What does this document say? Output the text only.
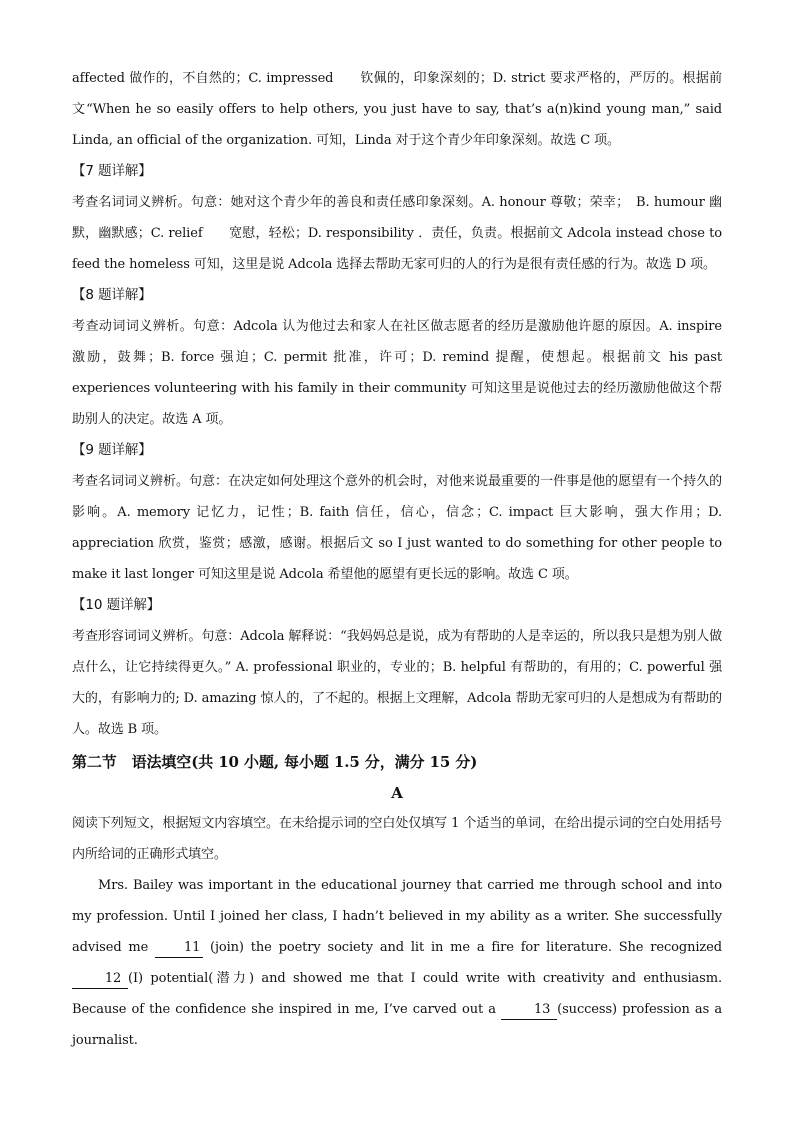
affected 做作的，不自然的；C. impressed　　钦佩的，印象深刻的；D. strict 要求严格的，严厉的。根据前文“When he so easily offers to help others, you just have to say, that’s a(n)kind young man,” said Linda, an official of the organization. 可知，Linda 对于这个青少年印象深刻。故选 C 项。

【7 题详解】

考查名词词义辨析。句意：她对这个青少年的善良和责任感印象深刻。A. honour 尊敬；荣幸；　B. humour 幽默，幽默感；C. relief　　宽慰，轻松；D. responsibility ．责任，负责。根据前文 Adcola instead chose to feed the homeless 可知，这里是说 Adcola 选择去帮助无家可归的人的行为是很有责任感的行为。故选 D 项。

【8 题详解】

考查动词词义辨析。句意：Adcola 认为他过去和家人在社区做志愿者的经历是激励他许愿的原因。A. inspire　　激励，鼓舞；B. force 强迫；C. permit 批准，许可；D. remind 提醒，使想起。根据前文 his past experiences volunteering with his family in their community 可知这里是说他过去的经历激励他做这个帮助别人的决定。故选 A 项。

【9 题详解】

考查名词词义辨析。句意：在决定如何处理这个意外的机会时，对他来说最重要的一件事是他的愿望有一个持久的影响。A. memory 记忆力，记性；B. faith 信任，信心，信念；C. impact 巨大影响，强大作用；D. appreciation 欣赏，鉴赏；感激，感谢。根据后文 so I just wanted to do something for other people to make it last longer 可知这里是说 Adcola 希望他的愿望有更长远的影响。故选 C 项。

【10 题详解】

考查形容词词义辨析。句意：Adcola 解释说：“我妈妈总是说，成为有帮助的人是幸运的，所以我只是想为别人做点什么，让它持续得更久。” A. professional 职业的，专业的；B. helpful 有帮助的，有用的；C. powerful 强大的，有影响力的; D. amazing 惊人的，了不起的。根据上文理解，Adcola 帮助无家可归的人是想成为有帮助的人。故选 B 项。

第二节　语法填空(共 10 小题, 每小题 1.5 分，满分 15 分)

A

阅读下列短文，根据短文内容填空。在未给提示词的空白处仅填写 1 个适当的单词，在给出提示词的空白处用括号内所给词的正确形式填空。

Mrs. Bailey was important in the educational journey that carried me through school and into my profession. Until I joined her class, I hadn’t believed in my ability as a writer. She successfully advised me 11 (join) the poetry society and lit in me a fire for literature. She recognized 12 (I) potential(潜力) and showed me that I could write with creativity and enthusiasm. Because of the confidence she inspired in me, I’ve carved out a	13 (success) profession as a journalist.
